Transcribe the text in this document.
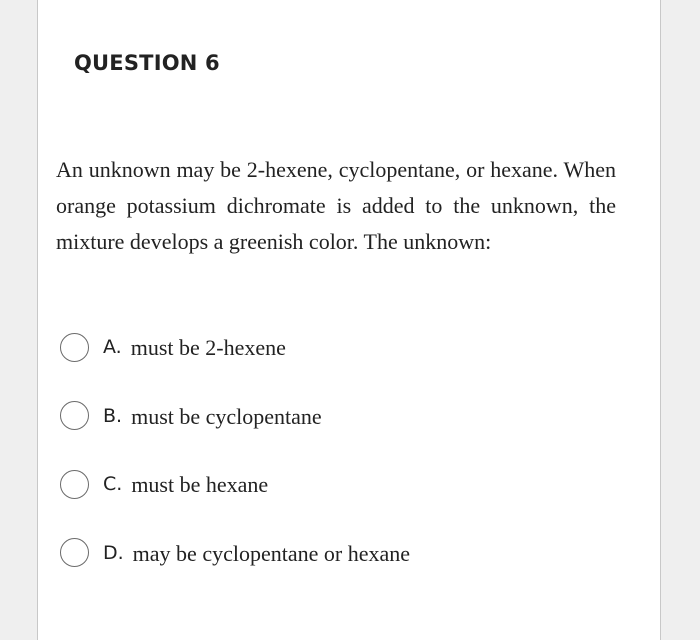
QUESTION 6

An unknown may be 2-hexene, cyclopentane, or hexane. When orange potassium dichromate is added to the unknown, the mixture develops a greenish color. The unknown:

A. must be 2-hexene
B. must be cyclopentane
C. must be hexane
D. may be cyclopentane or hexane
